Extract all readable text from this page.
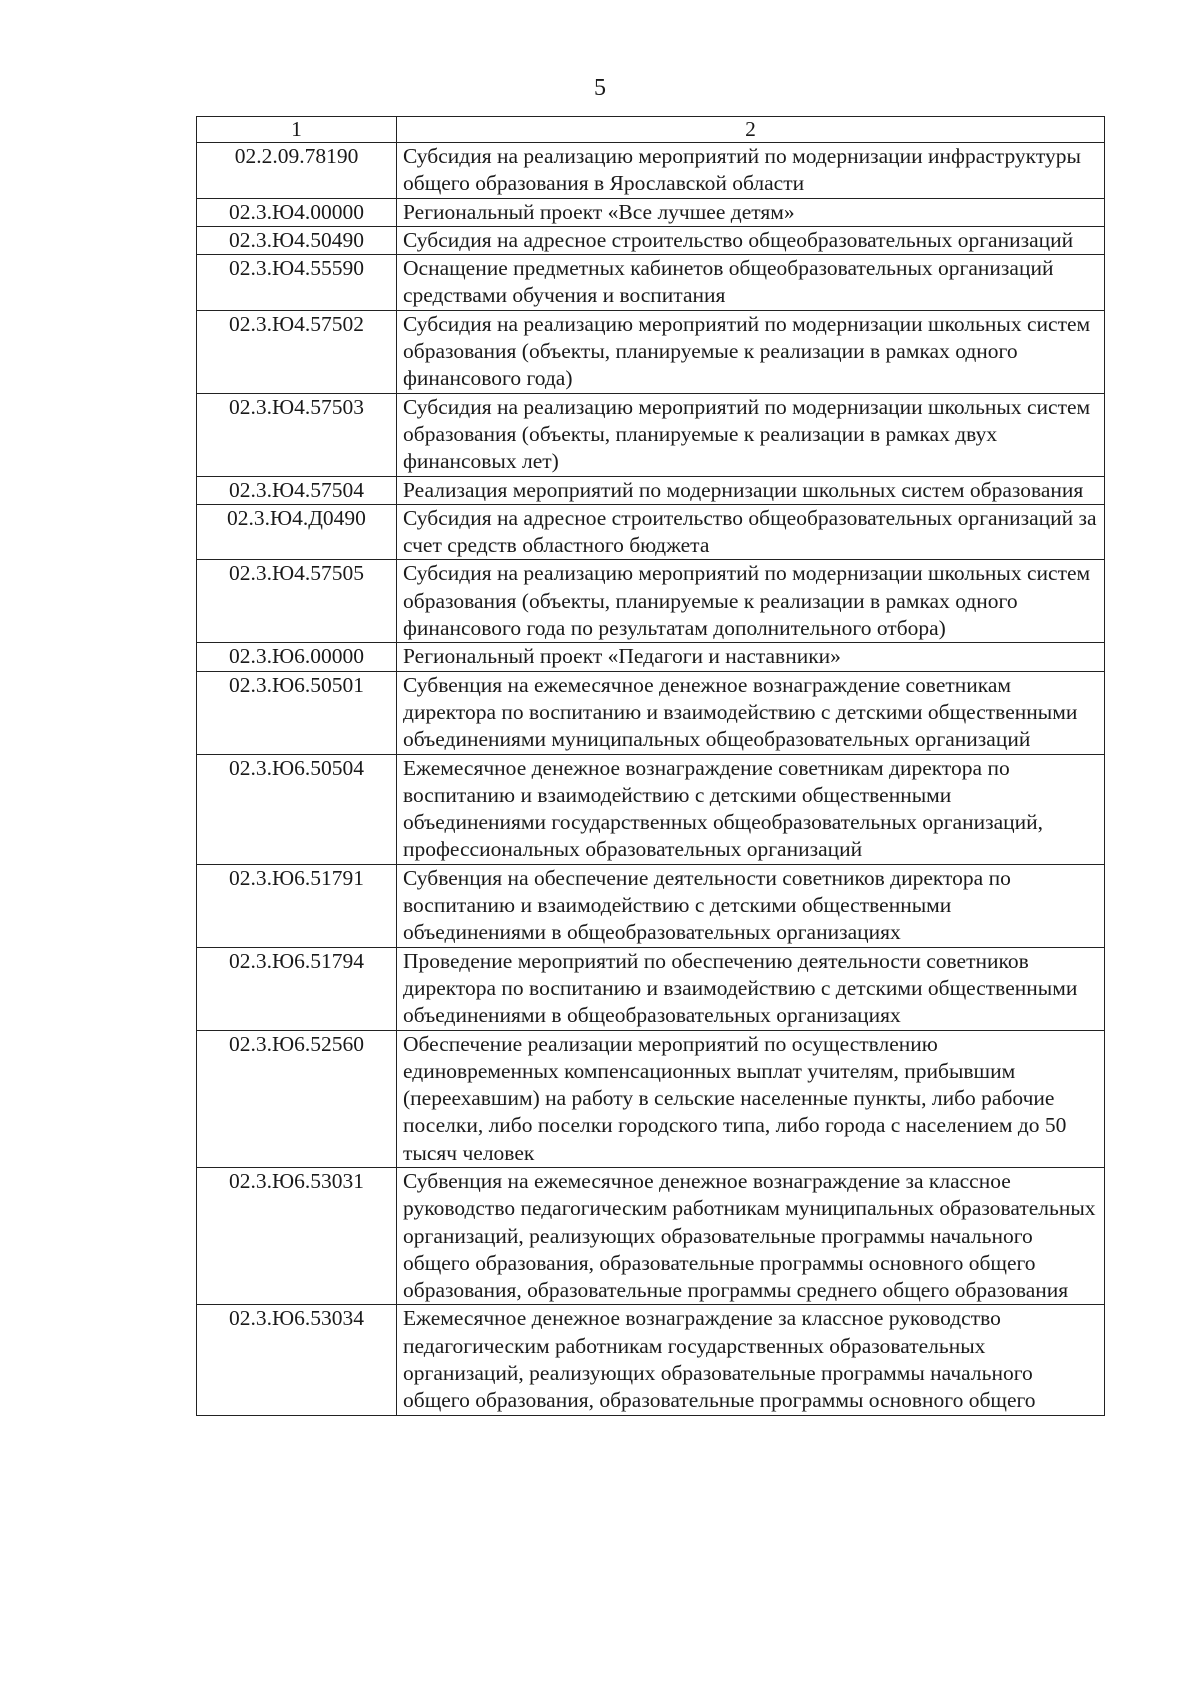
5
1	2
02.2.09.78190	Субсидия на реализацию мероприятий по модернизации инфраструктуры общего образования в Ярославской области
02.3.Ю4.00000	Региональный проект «Все лучшее детям»
02.3.Ю4.50490	Субсидия на адресное строительство общеобразовательных организаций
02.3.Ю4.55590	Оснащение предметных кабинетов общеобразовательных организаций средствами обучения и воспитания
02.3.Ю4.57502	Субсидия на реализацию мероприятий по модернизации школьных систем образования (объекты, планируемые к реализации в рамках одного финансового года)
02.3.Ю4.57503	Субсидия на реализацию мероприятий по модернизации школьных систем образования (объекты, планируемые к реализации в рамках двух финансовых лет)
02.3.Ю4.57504	Реализация мероприятий по модернизации школьных систем образования
02.3.Ю4.Д0490	Субсидия на адресное строительство общеобразовательных организаций за счет средств областного бюджета
02.3.Ю4.57505	Субсидия на реализацию мероприятий по модернизации школьных систем образования (объекты, планируемые к реализации в рамках одного финансового года по результатам дополнительного отбора)
02.3.Ю6.00000	Региональный проект «Педагоги и наставники»
02.3.Ю6.50501	Субвенция на ежемесячное денежное вознаграждение советникам директора по воспитанию и взаимодействию с детскими общественными объединениями муниципальных общеобразовательных организаций
02.3.Ю6.50504	Ежемесячное денежное вознаграждение советникам директора по воспитанию и взаимодействию с детскими общественными объединениями государственных общеобразовательных организаций, профессиональных образовательных организаций
02.3.Ю6.51791	Субвенция на обеспечение деятельности советников директора по воспитанию и взаимодействию с детскими общественными объединениями в общеобразовательных организациях
02.3.Ю6.51794	Проведение мероприятий по обеспечению деятельности советников директора по воспитанию и взаимодействию с детскими общественными объединениями в общеобразовательных организациях
02.3.Ю6.52560	Обеспечение реализации мероприятий по осуществлению единовременных компенсационных выплат учителям, прибывшим (переехавшим) на работу в сельские населенные пункты, либо рабочие поселки, либо поселки городского типа, либо города с населением до 50 тысяч человек
02.3.Ю6.53031	Субвенция на ежемесячное денежное вознаграждение за классное руководство педагогическим работникам муниципальных образовательных организаций, реализующих образовательные программы начального общего образования, образовательные программы основного общего образования, образовательные программы среднего общего образования
02.3.Ю6.53034	Ежемесячное денежное вознаграждение за классное руководство педагогическим работникам государственных образовательных организаций, реализующих образовательные программы начального общего образования, образовательные программы основного общего
